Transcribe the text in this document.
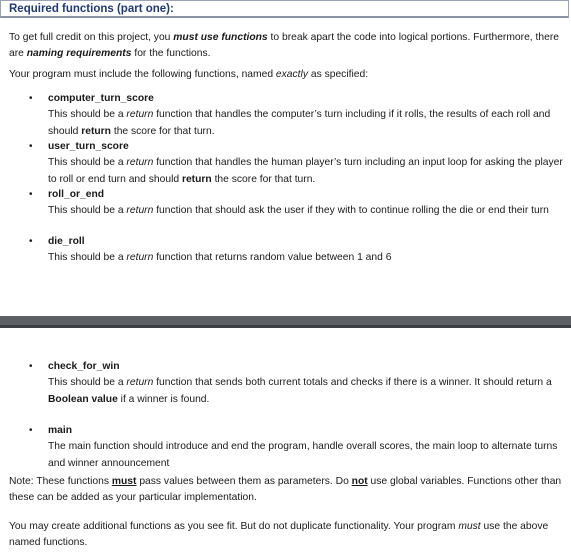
Required functions (part one):
To get full credit on this project, you must use functions to break apart the code into logical portions. Furthermore, there are naming requirements for the functions.
Your program must include the following functions, named exactly as specified:
• computer_turn_score
This should be a return function that handles the computer’s turn including if it rolls, the results of each roll and should return the score for that turn.
• user_turn_score
This should be a return function that handles the human player’s turn including an input loop for asking the player to roll or end turn and should return the score for that turn.
• roll_or_end
This should be a return function that should ask the user if they with to continue rolling the die or end their turn
• die_roll
This should be a return function that returns random value between 1 and 6
• check_for_win
This should be a return function that sends both current totals and checks if there is a winner. It should return a Boolean value if a winner is found.
• main
The main function should introduce and end the program, handle overall scores, the main loop to alternate turns and winner announcement
Note: These functions must pass values between them as parameters. Do not use global variables. Functions other than these can be added as your particular implementation.
You may create additional functions as you see fit. But do not duplicate functionality. Your program must use the above named functions.
